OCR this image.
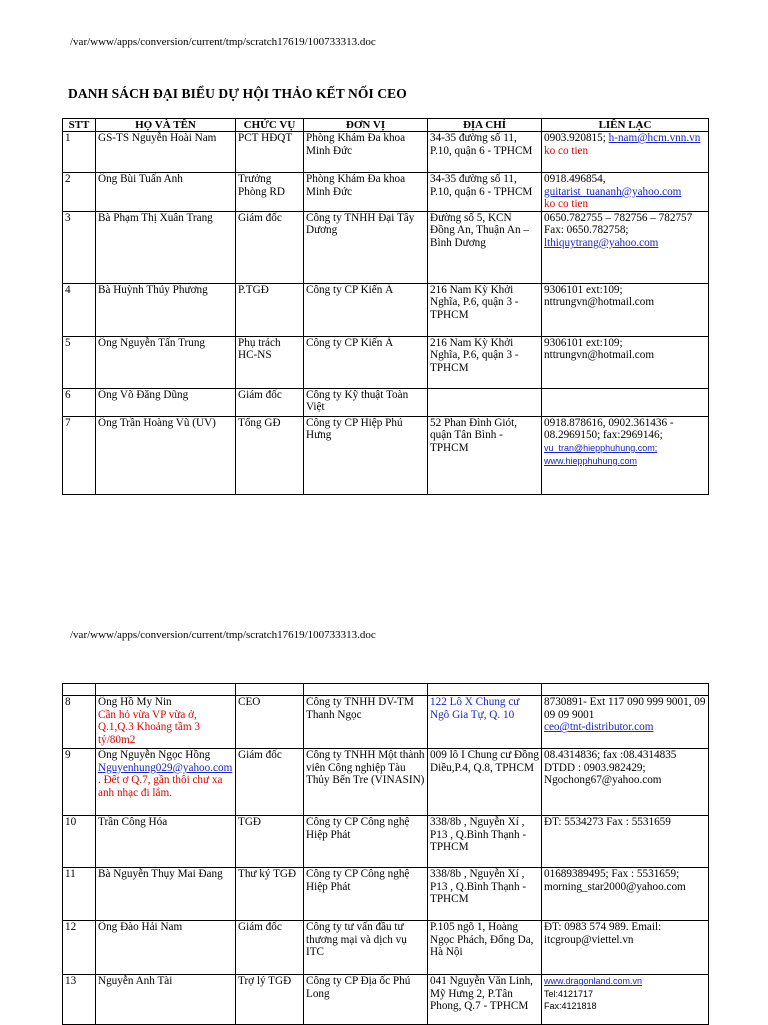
/var/www/apps/conversion/current/tmp/scratch17619/100733313.doc
DANH SÁCH ĐẠI BIỂU DỰ HỘI THẢO KẾT NỐI CEO
STT	HỌ VÀ TÊN	CHỨC VỤ	ĐƠN VỊ	ĐỊA CHỈ	LIÊN LẠC
1	GS-TS Nguyễn Hoài Nam	PCT HĐQT	Phòng Khám Đa khoa Minh Đức	34-35 đường số 11, P.10, quận 6 - TPHCM	0903.920815; h-nam@hcm.vnn.vn
ko co tien
2	Ông Bùi Tuấn Anh	Trưởng Phòng RD	Phòng Khám Đa khoa Minh Đức	34-35 đường số 11, P.10, quận 6 - TPHCM	0918.496854,
guitarist_tuananh@yahoo.com
ko co tien
3	Bà Phạm Thị Xuân Trang	Giám đốc	Công ty TNHH Đại Tây Dương	Đường số 5, KCN Đồng An, Thuận An – Bình Dương	0650.782755 – 782756 – 782757 Fax: 0650.782758;
lthiquytrang@yahoo.com
4	Bà Huỳnh Thúy Phương	P.TGĐ	Công ty CP Kiến Á	216 Nam Kỳ Khởi Nghĩa, P.6, quận 3 - TPHCM	9306101 ext:109; nttrungvn@hotmail.com
5	Ông Nguyễn Tấn Trung	Phụ trách HC-NS	Công ty CP Kiến Á	216 Nam Kỳ Khởi Nghĩa, P.6, quận 3 - TPHCM	9306101 ext:109; nttrungvn@hotmail.com
6	Ông Võ Đăng Dũng	Giám đốc	Công ty Kỹ thuật Toàn Việt		
7	Ông Trần Hoàng Vũ (UV)	Tổng GĐ	Công ty CP Hiệp Phú Hưng	52 Phan Đình Giót, quận Tân Bình - TPHCM	0918.878616, 0902.361436 - 08.2969150; fax:2969146;
vu_tran@hiepphuhung.com;
www.hiepphuhung.com
/var/www/apps/conversion/current/tmp/scratch17619/100733313.doc

8	Ông Hồ My Nin
Cần hỏ vừa VP vừa ở, Q.1,Q.3 Khoảng tầm 3 tỷ/80m2	CEO	Công ty TNHH DV-TM Thanh Ngọc	122 Lô X Chung cư Ngô Gia Tự, Q. 10	8730891- Ext 117 090 999 9001, 09 09 09 9001
ceo@tnt-distributor.com
9	Ông Nguyễn Ngọc Hồng
Nguyenhung029@yahoo.com. Đết ơ Q.7, gần thôi chư xa anh nhạc đi lắm.	Giám đốc	Công ty TNHH Một thành viên Công nghiệp Tàu Thủy Bến Tre (VINASIN)	009 lô I Chung cư Đồng Diều,P.4, Q.8, TPHCM	08.4314836; fax :08.4314835 DTDD : 0903.982429; Ngochong67@yahoo.com
10	Trần Công Hóa	TGĐ	Công ty CP Công nghệ Hiệp Phát	338/8b , Nguyễn Xí , P13 , Q.Bình Thạnh - TPHCM	ĐT: 5534273 Fax : 5531659
11	Bà Nguyễn Thụy Mai Đang	Thư ký TGĐ	Công ty CP Công nghệ Hiệp Phát	338/8b , Nguyễn Xí , P13 , Q.Bình Thạnh - TPHCM	01689389495; Fax : 5531659; morning_star2000@yahoo.com
12	Ông Đào Hải Nam	Giám đốc	Công ty tư vấn đầu tư thương mại và dịch vụ ITC	P.105 ngõ 1, Hoàng Ngọc Phách, Đống Da, Hà Nội	ĐT: 0983 574 989. Email: itcgroup@viettel.vn
13	Nguyễn Anh Tài	Trợ lý TGĐ	Công ty CP Địa ốc Phú Long	041 Nguyễn Văn Linh, Mỹ Hưng 2, P.Tân Phong, Q.7 - TPHCM	www.dragonland.com.vn
Tel:4121717
Fax:4121818
